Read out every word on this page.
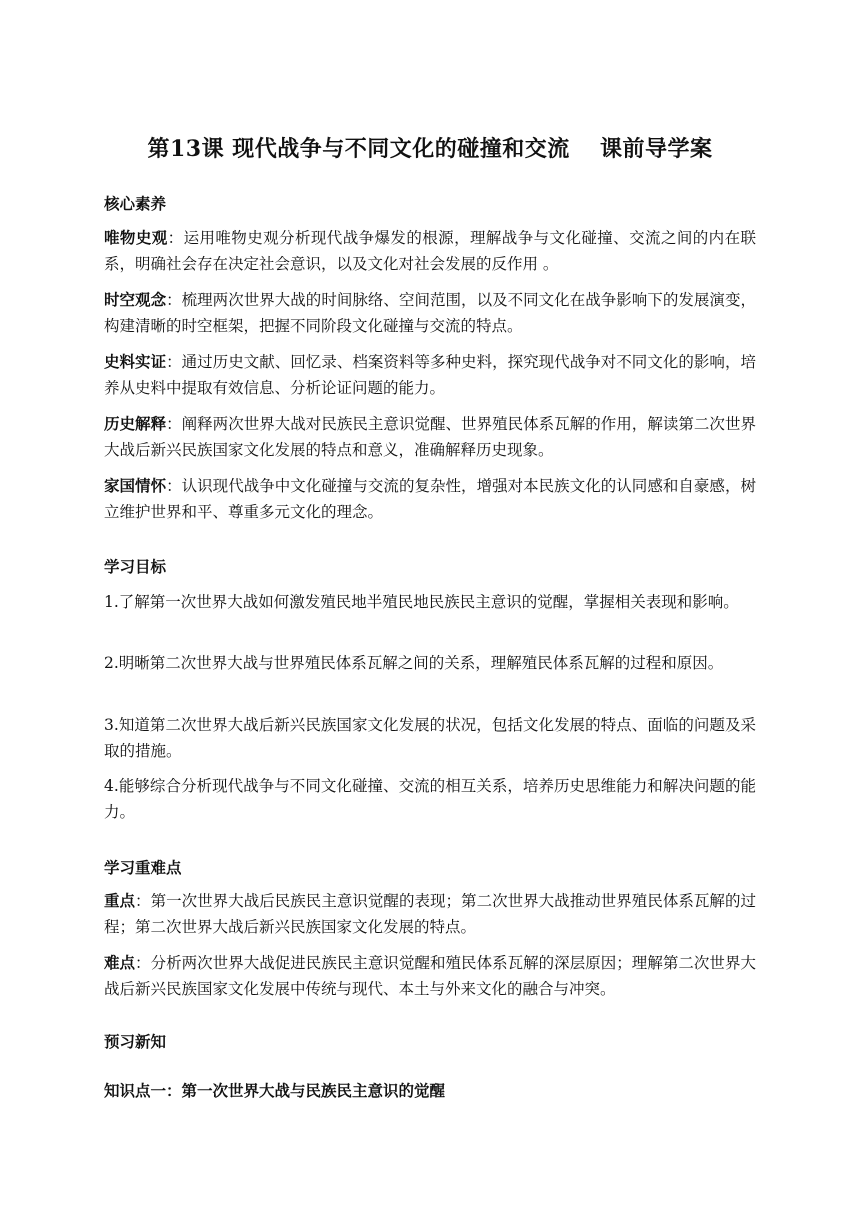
第13课 现代战争与不同文化的碰撞和交流 课前导学案
核心素养
唯物史观：运用唯物史观分析现代战争爆发的根源，理解战争与文化碰撞、交流之间的内在联系，明确社会存在决定社会意识，以及文化对社会发展的反作用 。
时空观念：梳理两次世界大战的时间脉络、空间范围，以及不同文化在战争影响下的发展演变，构建清晰的时空框架，把握不同阶段文化碰撞与交流的特点。
史料实证：通过历史文献、回忆录、档案资料等多种史料，探究现代战争对不同文化的影响，培养从史料中提取有效信息、分析论证问题的能力。
历史解释：阐释两次世界大战对民族民主意识觉醒、世界殖民体系瓦解的作用，解读第二次世界大战后新兴民族国家文化发展的特点和意义，准确解释历史现象。
家国情怀：认识现代战争中文化碰撞与交流的复杂性，增强对本民族文化的认同感和自豪感，树立维护世界和平、尊重多元文化的理念。
学习目标
1.了解第一次世界大战如何激发殖民地半殖民地民族民主意识的觉醒，掌握相关表现和影响。
2.明晰第二次世界大战与世界殖民体系瓦解之间的关系，理解殖民体系瓦解的过程和原因。
3.知道第二次世界大战后新兴民族国家文化发展的状况，包括文化发展的特点、面临的问题及采取的措施。
4.能够综合分析现代战争与不同文化碰撞、交流的相互关系，培养历史思维能力和解决问题的能力。
学习重难点
重点：第一次世界大战后民族民主意识觉醒的表现；第二次世界大战推动世界殖民体系瓦解的过程；第二次世界大战后新兴民族国家文化发展的特点。
难点：分析两次世界大战促进民族民主意识觉醒和殖民体系瓦解的深层原因；理解第二次世界大战后新兴民族国家文化发展中传统与现代、本土与外来文化的融合与冲突。
预习新知
知识点一：第一次世界大战与民族民主意识的觉醒
